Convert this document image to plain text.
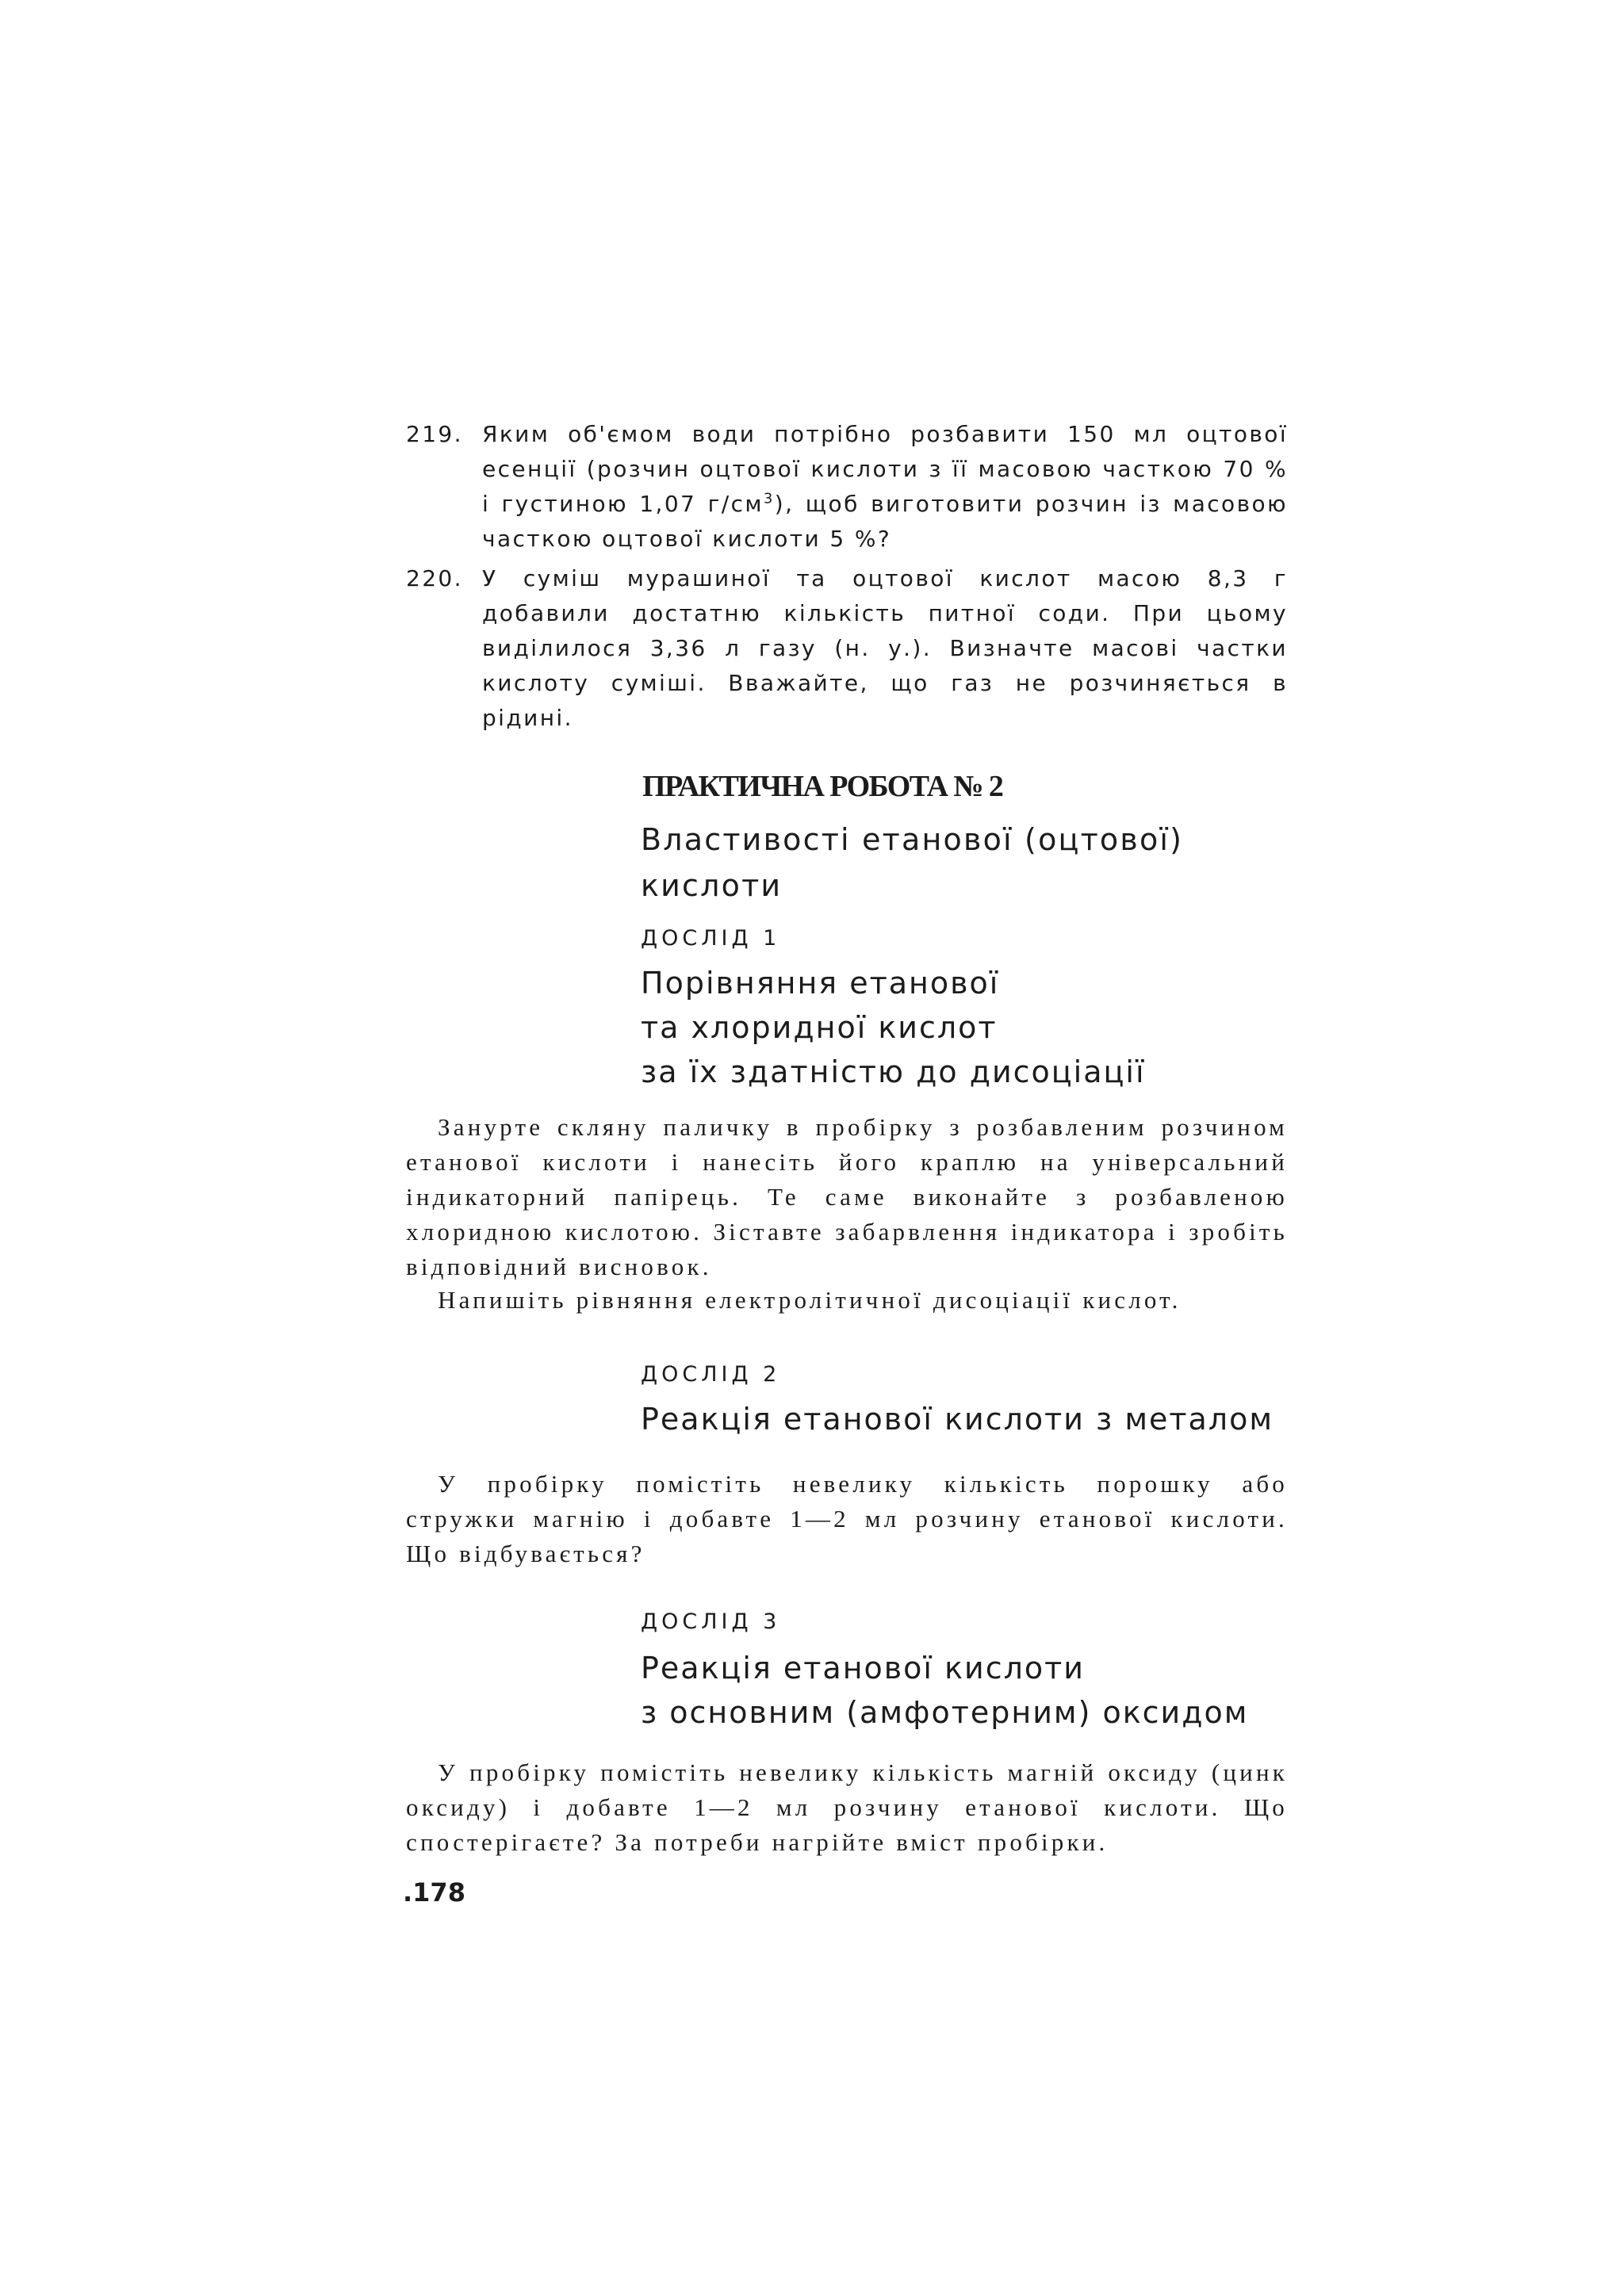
219. Яким об'ємом води потрібно розбавити 150 мл оцтової есенції (розчин оцтової кислоти з її масовою часткою 70 % і густиною 1,07 $г/см^3$), щоб виготовити розчин із масовою часткою оцтової кислоти 5 %?
220. У суміш мурашиної та оцтової кислот масою 8,3 г добавили достатню кількість питної соди. При цьому виділилося 3,36 л газу (н. у.). Визначте масові частки кислоту суміші. Вважайте, що газ не розчиняється в рідині.
ПРАКТИЧНА РОБОТА № 2
Властивості етанової (оцтової)
кислоти
ДОСЛІД 1
Порівняння етанової
та хлоридної кислот
за їх здатністю до дисоціації
Занурте скляну паличку в пробірку з розбавленим розчином етанової кислоти і нанесіть його краплю на універсальний індикаторний папірець. Те саме виконайте з розбавленою хлоридною кислотою. Зіставте забарвлення індикатора і зробіть відповідний висновок.
Напишіть рівняння електролітичної дисоціації кислот.
ДОСЛІД 2
Реакція етанової кислоти з металом
У пробірку помістіть невелику кількість порошку або стружки магнію і добавте 1—2 мл розчину етанової кислоти. Що відбувається?
ДОСЛІД 3
Реакція етанової кислоти
з основним (амфотерним) оксидом
У пробірку помістіть невелику кількість магній оксиду (цинк оксиду) і добавте 1—2 мл розчину етанової кислоти. Що спостерігаєте? За потреби нагрійте вміст пробірки.
.178
